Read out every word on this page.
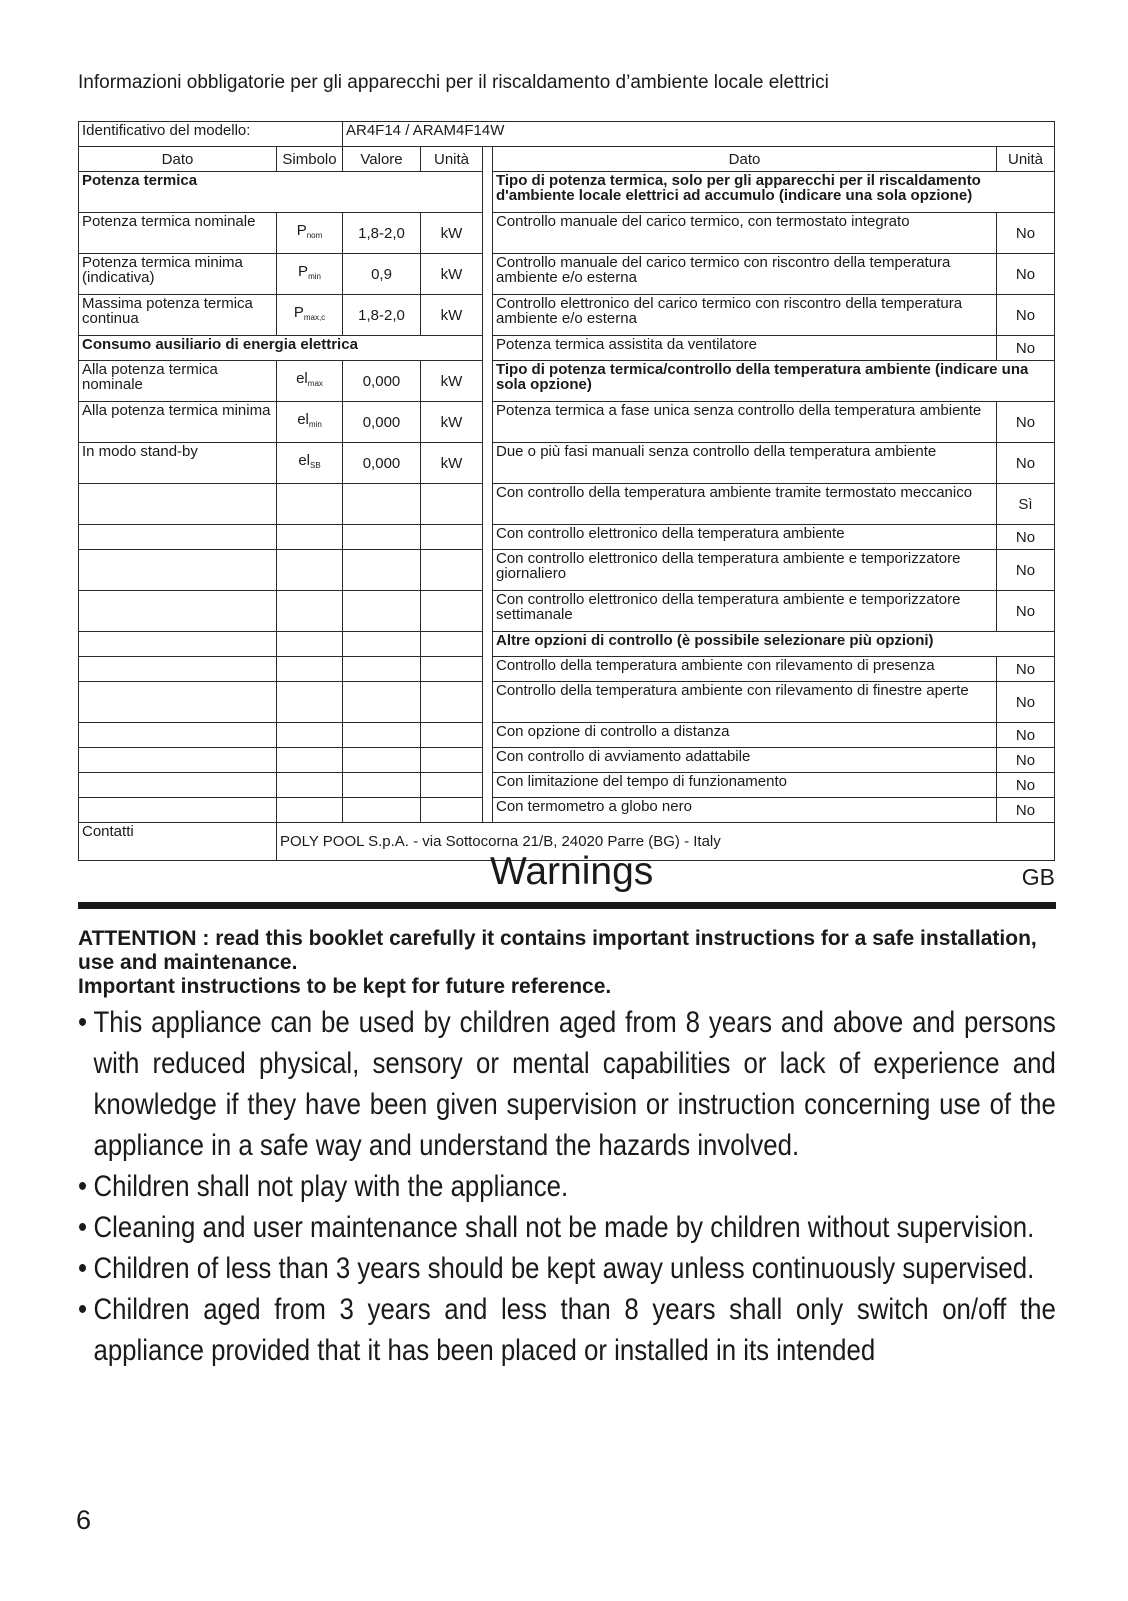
Informazioni obbligatorie per gli apparecchi per il riscaldamento d’ambiente locale elettrici
Identificativo del modello:		AR4F14 / ARAM4F14W				
Dato	Simbolo	Valore	Unità		Dato	Unità
Potenza termica					Tipo di potenza termica, solo per gli apparecchi per il riscaldamento d'ambiente locale elettrici ad accumulo (indicare una sola opzione)	
Potenza termica nominale	$P_{nom}$	1,8-2,0	kW		Controllo manuale del carico termico, con termostato integrato	No
Potenza termica minima (indicativa)	$P_{min}$	0,9	kW		Controllo manuale del carico termico con riscontro della temperatura ambiente e/o esterna	No
Massima potenza termica continua	$P_{max,c}$	1,8-2,0	kW		Controllo elettronico del carico termico con riscontro della temperatura ambiente e/o esterna	No
Consumo ausiliario di energia elettrica					Potenza termica assistita da ventilatore	No
Alla potenza termica nominale	$el_{max}$	0,000	kW		Tipo di potenza termica/controllo della temperatura ambiente (indicare una sola opzione)	
Alla potenza termica minima	$el_{min}$	0,000	kW		Potenza termica a fase unica senza controllo della temperatura ambiente	No
In modo stand-by	$el_{SB}$	0,000	kW		Due o più fasi manuali senza controllo della temperatura ambiente	No
					Con controllo della temperatura ambiente tramite termostato meccanico	Sì
					Con controllo elettronico della temperatura ambiente	No
					Con controllo elettronico della temperatura ambiente e temporizzatore giornaliero	No
					Con controllo elettronico della temperatura ambiente e temporizzatore settimanale	No
					Altre opzioni di controllo (è possibile selezionare più opzioni)	
					Controllo della temperatura ambiente con rilevamento di presenza	No
					Controllo della temperatura ambiente con rilevamento di finestre aperte	No
					Con opzione di controllo a distanza	No
					Con controllo di avviamento adattabile	No
					Con limitazione del tempo di funzionamento	No
					Con termometro a globo nero	No
Contatti	POLY POOL S.p.A. - via Sottocorna 21/B, 24020 Parre (BG) - Italy					
Warnings	GB
ATTENTION : read this booklet carefully it contains important instructions for a safe installation, use and maintenance.
Important instructions to be kept for future reference.
• This appliance can be used by children aged from 8 years and above and persons with reduced physical, sensory or mental capabilities or lack of experience and knowledge if they have been given supervision or instruction concerning use of the appliance in a safe way and understand the hazards involved.
• Children shall not play with the appliance.
• Cleaning and user maintenance shall not be made by children without supervision.
• Children of less than 3 years should be kept away unless continuously supervised.
• Children aged from 3 years and less than 8 years shall only switch on/off the appliance provided that it has been placed or installed in its intended
6
